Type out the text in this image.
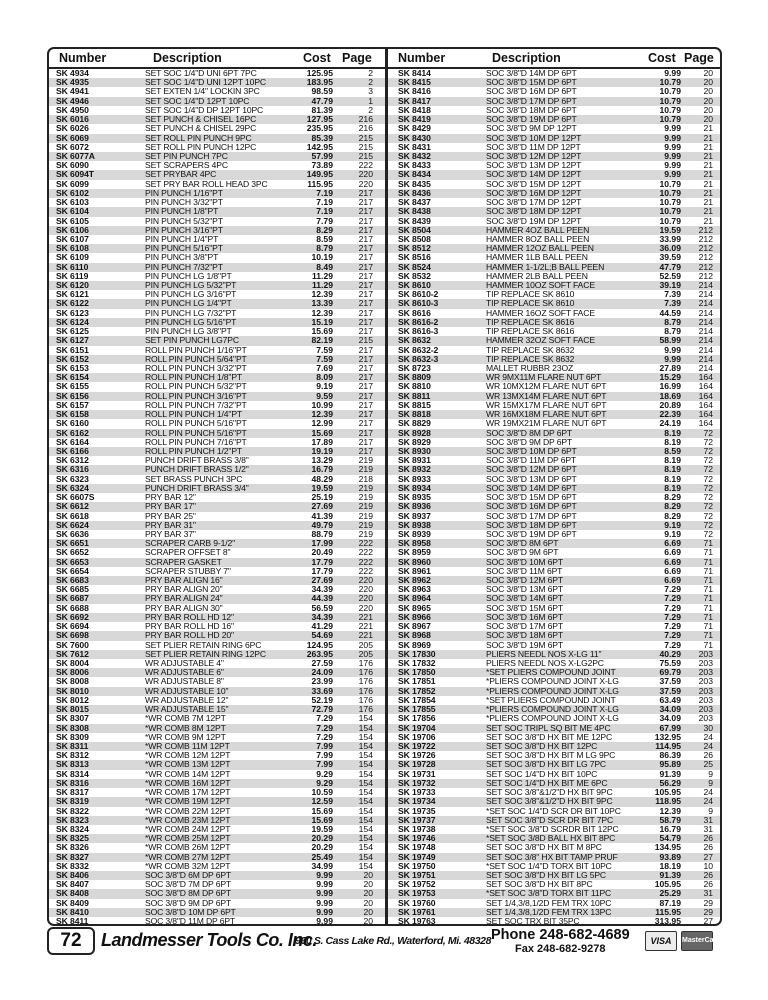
Number	Description	Cost Page
SK 4934	SET SOC 1/4"D UNI 6PT 7PC	125.95	2
SK 4935	SET SOC 1/4"D UNI 12PT 10PC	183.95	2
SK 4941	SET EXTEN 1/4" LOCKIN 3PC	98.59	3
SK 4946	SET SOC 1/4"D 12PT 10PC	47.79	1
SK 4950	SET SOC 1/4"D DP 12PT 10PC	81.39	2
SK 6016	SET PUNCH & CHISEL 16PC	127.95	216
SK 6026	SET PUNCH & CHISEL 29PC	235.95	216
SK 6069	SET ROLL PIN PUNCH 9PC	85.39	215
SK 6072	SET ROLL PIN PUNCH 12PC	142.95	215
SK 6077A	SET PIN PUNCH 7PC	57.99	215
SK 6090	SET SCRAPERS 4PC	73.89	222
SK 6094T	SET PRYBAR 4PC	149.95	220
SK 6099	SET PRY BAR ROLL HEAD 3PC	115.95	220
SK 6102	PIN PUNCH 1/16"PT	7.19	217
SK 6103	PIN PUNCH 3/32"PT	7.19	217
SK 6104	PIN PUNCH 1/8"PT	7.19	217
SK 6105	PIN PUNCH 5/32"PT	7.79	217
SK 6106	PIN PUNCH 3/16"PT	8.29	217
SK 6107	PIN PUNCH 1/4"PT	8.59	217
SK 6108	PIN PUNCH 5/16"PT	8.79	217
SK 6109	PIN PUNCH 3/8"PT	10.19	217
SK 6110	PIN PUNCH 7/32"PT	8.49	217
SK 6119	PIN PUNCH LG 1/8"PT	11.29	217
SK 6120	PIN PUNCH LG 5/32"PT	11.29	217
SK 6121	PIN PUNCH LG 3/16"PT	12.39	217
SK 6122	PIN PUNCH LG 1/4"PT	13.39	217
SK 6123	PIN PUNCH LG 7/32"PT	12.39	217
SK 6124	PIN PUNCH LG 5/16"PT	15.19	217
SK 6125	PIN PUNCH LG 3/8"PT	15.69	217
SK 6127	SET PIN PUNCH LG7PC	82.19	215
SK 6151	ROLL PIN PUNCH 1/16"PT	7.59	217
SK 6152	ROLL PIN PUNCH 5/64"PT	7.59	217
SK 6153	ROLL PIN PUNCH 3/32"PT	7.69	217
SK 6154	ROLL PIN PUNCH 1/8"PT	8.09	217
SK 6155	ROLL PIN PUNCH 5/32"PT	9.19	217
SK 6156	ROLL PIN PUNCH 3/16"PT	9.59	217
SK 6157	ROLL PIN PUNCH 7/32"PT	10.99	217
SK 6158	ROLL PIN PUNCH 1/4"PT	12.39	217
SK 6160	ROLL PIN PUNCH 5/16"PT	12.99	217
SK 6162	ROLL PIN PUNCH 5/16"PT	15.69	217
SK 6164	ROLL PIN PUNCH 7/16"PT	17.89	217
SK 6166	ROLL PIN PUNCH 1/2"PT	19.19	217
SK 6312	PUNCH DRIFT BRASS 3/8"	13.29	219
SK 6316	PUNCH DRIFT BRASS 1/2"	16.79	219
SK 6323	SET BRASS PUNCH 3PC	48.29	218
SK 6324	PUNCH DRIFT BRASS 3/4"	19.59	219
SK 6607S	PRY BAR 12"	25.19	219
SK 6612	PRY BAR 17"	27.69	219
SK 6618	PRY BAR 25"	41.39	219
SK 6624	PRY BAR 31"	49.79	219
SK 6636	PRY BAR 37"	88.79	219
SK 6651	SCRAPER CARB 9-1/2"	17.99	222
SK 6652	SCRAPER OFFSET 8"	20.49	222
SK 6653	SCRAPER GASKET	17.79	222
SK 6654	SCRAPER STUBBY 7"	17.79	222
SK 6683	PRY BAR ALIGN 16"	27.69	220
SK 6685	PRY BAR ALIGN 20"	34.39	220
SK 6687	PRY BAR ALIGN 24"	44.39	220
SK 6688	PRY BAR ALIGN 30"	56.59	220
SK 6692	PRY BAR ROLL HD 12"	34.39	221
SK 6694	PRY BAR ROLL HD 16"	41.29	221
SK 6698	PRY BAR ROLL HD 20"	54.69	221
SK 7600	SET PLIER RETAIN RING 6PC	124.95	205
SK 7612	SET PLIER RETAIN RING 12PC	263.95	205
SK 8004	WR ADJUSTABLE 4"	27.59	176
SK 8006	WR ADJUSTABLE 6"	24.09	176
SK 8008	WR ADJUSTABLE 8"	23.99	176
SK 8010	WR ADJUSTABLE 10"	33.69	176
SK 8012	WR ADJUSTABLE 12"	52.19	176
SK 8015	WR ADJUSTABLE 15"	72.79	176
SK 8307	*WR COMB 7M 12PT	7.29	154
SK 8308	*WR COMB 8M 12PT	7.29	154
SK 8309	*WR COMB 9M 12PT	7.29	154
SK 8311	*WR COMB 11M 12PT	7.99	154
SK 8312	*WR COMB 12M 12PT	7.99	154
SK 8313	*WR COMB 13M 12PT	7.99	154
SK 8314	*WR COMB 14M 12PT	9.29	154
SK 8316	*WR COMB 16M 12PT	9.29	154
SK 8317	*WR COMB 17M 12PT	10.59	154
SK 8319	*WR COMB 19M 12PT	12.59	154
SK 8322	*WR COMB 22M 12PT	15.69	154
SK 8323	*WR COMB 23M 12PT	15.69	154
SK 8324	*WR COMB 24M 12PT	19.59	154
SK 8325	*WR COMB 25M 12PT	20.29	154
SK 8326	*WR COMB 26M 12PT	20.29	154
SK 8327	*WR COMB 27M 12PT	25.49	154
SK 8332	*WR COMB 32M 12PT	34.99	154
SK 8406	SOC 3/8"D 6M DP 6PT	9.99	20
SK 8407	SOC 3/8"D 7M DP 6PT	9.99	20
SK 8408	SOC 3/8"D 8M DP 6PT	9.99	20
SK 8409	SOC 3/8"D 9M DP 6PT	9.99	20
SK 8410	SOC 3/8"D 10M DP 6PT	9.99	20
SK 8411	SOC 3/8"D 11M DP 6PT	9.99	20
Number	Description	Cost Page
SK 8414	SOC 3/8"D 14M DP 6PT	9.99	20
SK 8415	SOC 3/8"D 15M DP 6PT	10.79	20
SK 8416	SOC 3/8"D 16M DP 6PT	10.79	20
SK 8417	SOC 3/8"D 17M DP 6PT	10.79	20
SK 8418	SOC 3/8"D 18M DP 6PT	10.79	20
SK 8419	SOC 3/8"D 19M DP 6PT	10.79	20
SK 8429	SOC 3/8"D 9M DP 12PT	9.99	21
SK 8430	SOC 3/8"D 10M DP 12PT	9.99	21
SK 8431	SOC 3/8"D 11M DP 12PT	9.99	21
SK 8432	SOC 3/8"D 12M DP 12PT	9.99	21
SK 8433	SOC 3/8"D 13M DP 12PT	9.99	21
SK 8434	SOC 3/8"D 14M DP 12PT	9.99	21
SK 8435	SOC 3/8"D 15M DP 12PT	10.79	21
SK 8436	SOC 3/8"D 16M DP 12PT	10.79	21
SK 8437	SOC 3/8"D 17M DP 12PT	10.79	21
SK 8438	SOC 3/8"D 18M DP 12PT	10.79	21
SK 8439	SOC 3/8"D 19M DP 12PT	10.79	21
SK 8504	HAMMER 4OZ BALL PEEN	19.59 212
SK 8508	HAMMER 8OZ BALL PEEN	33.99 212
SK 8512	HAMMER 12OZ BALL PEEN	36.09 212
SK 8516	HAMMER 1LB BALL PEEN	39.59 212
SK 8524	HAMMER 1-1/2L;B BALL PEEN	47.79 212
SK 8532	HAMMER 2LB BALL PEEN	52.59 212
SK 8610	HAMMER 10OZ SOFT FACE	39.19 214
SK 8610-2	TIP REPLACE SK 8610	7.39 214
SK 8610-3	TIP REPLACE SK 8610	7.39 214
SK 8616	HAMMER 16OZ SOFT FACE	44.59 214
SK 8616-2	TIP REPLACE SK 8616	8.79 214
SK 8616-3	TIP REPLACE SK 8616	8.79 214
SK 8632	HAMMER 32OZ SOFT FACE	58.99 214
SK 8632-2	TIP REPLACE SK 8632	9.99 214
SK 8632-3	TIP REPLACE SK 8632	9.99 214
SK 8723	MALLET RUBBR 23OZ	27.89 214
SK 8809	WR 9MX11M FLARE NUT 6PT	15.29 164
SK 8810	WR 10MX12M FLARE NUT 6PT	16.99 164
SK 8811	WR 13MX14M FLARE NUT 6PT	18.69 164
SK 8815	WR 15MX17M FLARE NUT 6PT	20.89 164
SK 8818	WR 16MX18M FLARE NUT 6PT	22.39 164
SK 8829	WR 19MX21M FLARE NUT 6PT	24.19 164
SK 8928	SOC 3/8"D 8M DP 6PT	8.19	72
SK 8929	SOC 3/8"D 9M DP 6PT	8.19	72
SK 8930	SOC 3/8"D 10M DP 6PT	8.59	72
SK 8931	SOC 3/8"D 11M DP 6PT	8.19	72
SK 8932	SOC 3/8"D 12M DP 6PT	8.19	72
SK 8933	SOC 3/8"D 13M DP 6PT	8.19	72
SK 8934	SOC 3/8"D 14M DP 6PT	8.19	72
SK 8935	SOC 3/8"D 15M DP 6PT	8.29	72
SK 8936	SOC 3/8"D 16M DP 6PT	8.29	72
SK 8937	SOC 3/8"D 17M DP 6PT	8.29	72
SK 8938	SOC 3/8"D 18M DP 6PT	9.19	72
SK 8939	SOC 3/8"D 19M DP 6PT	9.19	72
SK 8958	SOC 3/8"D 8M 6PT	6.69	71
SK 8959	SOC 3/8"D 9M 6PT	6.69	71
SK 8960	SOC 3/8"D 10M 6PT	6.69	71
SK 8961	SOC 3/8"D 11M 6PT	6.69	71
SK 8962	SOC 3/8"D 12M 6PT	6.69	71
SK 8963	SOC 3/8"D 13M 6PT	7.29	71
SK 8964	SOC 3/8"D 14M 6PT	7.29	71
SK 8965	SOC 3/8"D 15M 6PT	7.29	71
SK 8966	SOC 3/8"D 16M 6PT	7.29	71
SK 8967	SOC 3/8"D 17M 6PT	7.29	71
SK 8968	SOC 3/8"D 18M 6PT	7.29	71
SK 8969	SOC 3/8"D 19M 6PT	7.29	71
SK 17830	PLIERS NEEDL NOS X-LG 11"	40.29 203
SK 17832	PLIERS NEEDL NOS X-LG2PC	75.59 203
SK 17850	*SET PLIERS COMPOUND JOINT	69.79 203
SK 17851	*PLIERS COMPOUND JOINT X-LG	37.59 203
SK 17852	*PLIERS COMPOUND JOINT X-LG	37.59 203
SK 17854	*SET PLIERS COMPOUND JOINT	63.49 203
SK 17855	*PLIERS COMPOUND JOINT X-LG	34.09 203
SK 17856	*PLIERS COMPOUND JOINT X-LG	34.09 203
SK 19704	SET SOC TRIPL SQ BIT ME 4PC	67.99	30
SK 19706	SET SOC 3/8"D HX BIT ME 12PC	132.95	24
SK 19722	SET SOC 3/8"D HX BIT 12PC	114.95	24
SK 19726	SET SOC 3/8"D HX BIT M LG 9PC	86.39	26
SK 19728	SET SOC 3/8"D HX BIT LG 7PC	95.89	25
SK 19731	SET SOC 1/4"D HX BIT 10PC	91.39	9
SK 19732	SET SOC 1/4"D HX BIT ME 6PC	56.29	9
SK 19733	SET SOC 3/8"&1/2"D HX BIT 9PC	105.95	24
SK 19734	SET SOC 3/8"&1/2"D HX BIT 9PC	118.95	24
SK 19735	*SET SOC 1/4"D SCR DR BIT 10PC	12.39	9
SK 19737	SET SOC 3/8"D SCR DR BIT 7PC	58.79	31
SK 19738	*SET SOC 3/8"D SCRDR BIT 12PC	16.79	31
SK 19746	*SET SOC 3/8D BALL HX BIT 8PC	54.79	26
SK 19748	SET SOC 3/8"D HX BIT M 8PC	134.95	26
SK 19749	SET SOC 3/8" HX BIT TAMP PRUF	93.89	27
SK 19750	*SET SOC 1/4"D TORX BIT 10PC	18.19	10
SK 19751	SET SOC 3/8"D HX BIT LG 5PC	91.39	26
SK 19752	SET SOC 3/8"D HX BIT 8PC	105.95	26
SK 19753	*SET SOC 3/8"D TORX BIT 11PC	25.29	31
SK 19760	SET 1/4,3/8,1/2D FEM TRX 10PC	87.19	29
SK 19761	SET 1/4,3/8,1/2D FEM TRX 13PC	115.95	29
SK 19763	SET SOC TRX BIT 35PC	313.95	27
72	Landmesser Tools Co. Inc.
960 S. Cass Lake Rd., Waterford, Mi. 48328 Phone 248-682-4689
Fax 248-682-9278
VISA	MasterCard
